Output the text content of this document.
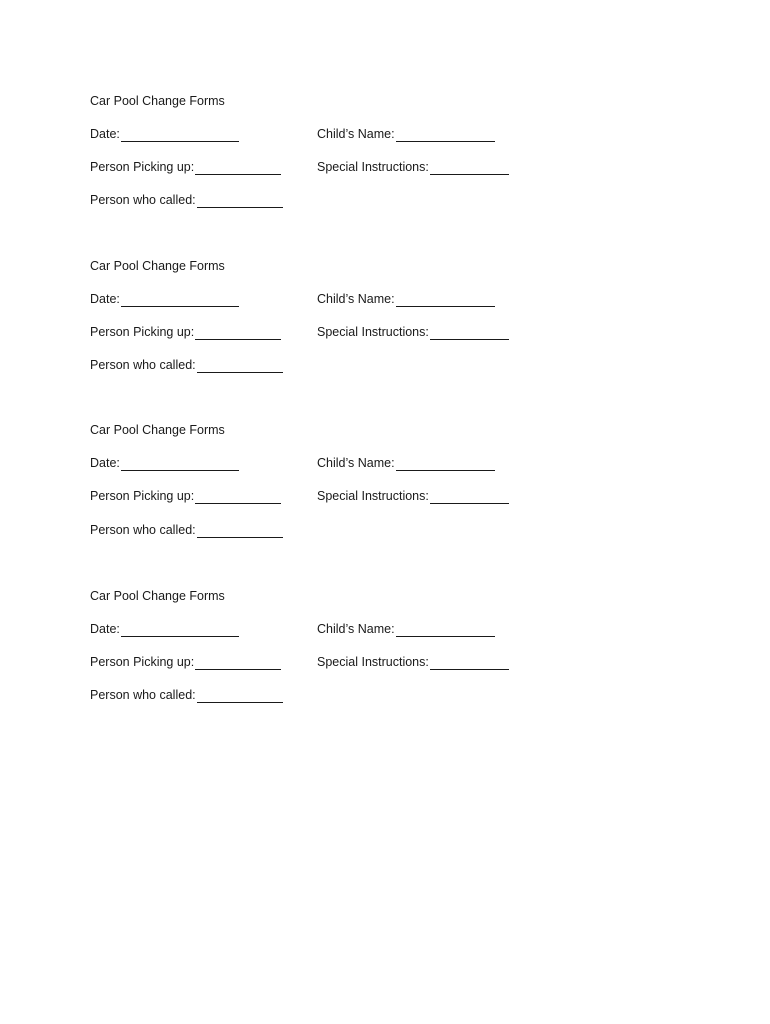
Car Pool Change Forms
Date:	Child’s Name:
Person Picking up:	Special Instructions:
Person who called:
Car Pool Change Forms
Date:	Child’s Name:
Person Picking up:	Special Instructions:
Person who called:
Car Pool Change Forms
Date:	Child’s Name:
Person Picking up:	Special Instructions:
Person who called:
Car Pool Change Forms
Date:	Child’s Name:
Person Picking up:	Special Instructions:
Person who called:
